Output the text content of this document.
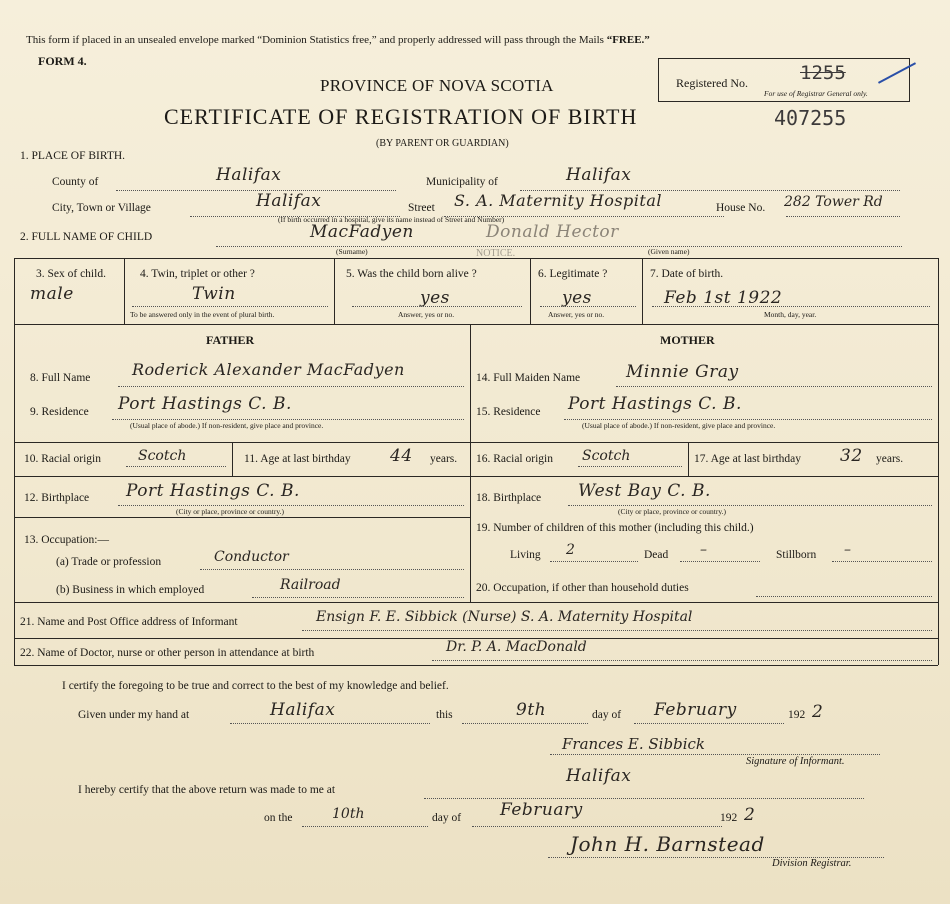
This form if placed in an unsealed envelope marked “Dominion Statistics free,” and properly addressed will pass through the Mails “FREE.”
FORM 4.
Registered No.	1255
For use of Registrar General only.
PROVINCE OF NOVA SCOTIA
CERTIFICATE OF REGISTRATION OF BIRTH	407255
(BY PARENT OR GUARDIAN)
1. PLACE OF BIRTH.
County of	Halifax	Municipality of	Halifax
City, Town or Village	Halifax	Street S. A. Maternity Hospital	House No. 282 Tower Rd
(If birth occurred in a hospital, give its name instead of Street and Number)
2. FULL NAME OF CHILD	MacFadyen	Donald Hector
(Surname)	(Given name)
NOTICE.
3. Sex of child.
male
4. Twin, triplet or other ?
Twin
To be answered only in the event of plural birth.
5. Was the child born alive ?
yes
Answer, yes or no.
6. Legitimate ?
yes
Answer, yes or no.
7. Date of birth.
Feb 1st 1922
Month, day, year.
FATHER
8. Full Name	Roderick Alexander MacFadyen
9. Residence Port Hastings C. B.
(Usual place of abode.) If non-resident, give place and province.
10. Racial origin	Scotch	11. Age at last birthday 44 years.
12. Birthplace Port Hastings C. B.
(City or place, province or country.)
13. Occupation:—
(a) Trade or profession	Conductor
(b) Business in which employed	Railroad
MOTHER
14. Full Maiden Name	Minnie Gray
15. Residence Port Hastings C. B.
(Usual place of abode.) If non-resident, give place and province.
16. Racial origin Scotch	17. Age at last birthday 32 years.
18. Birthplace West Bay C. B.
(City or place, province or country.)
19. Number of children of this mother (including this child.)
Living 2	Dead –	Stillborn –
20. Occupation, if other than household duties
21. Name and Post Office address of Informant	Ensign F. E. Sibbick (Nurse) S. A. Maternity Hospital
22. Name of Doctor, nurse or other person in attendance at birth	Dr. P. A. MacDonald
I certify the foregoing to be true and correct to the best of my knowledge and belief.
Given under my hand at	Halifax	this	9th	day of February	192 2
Frances E. Sibbick
Signature of Informant.
I hereby certify that the above return was made to me at
Halifax
on the	10th	day of February	192 2
John H. Barnstead
Division Registrar.
